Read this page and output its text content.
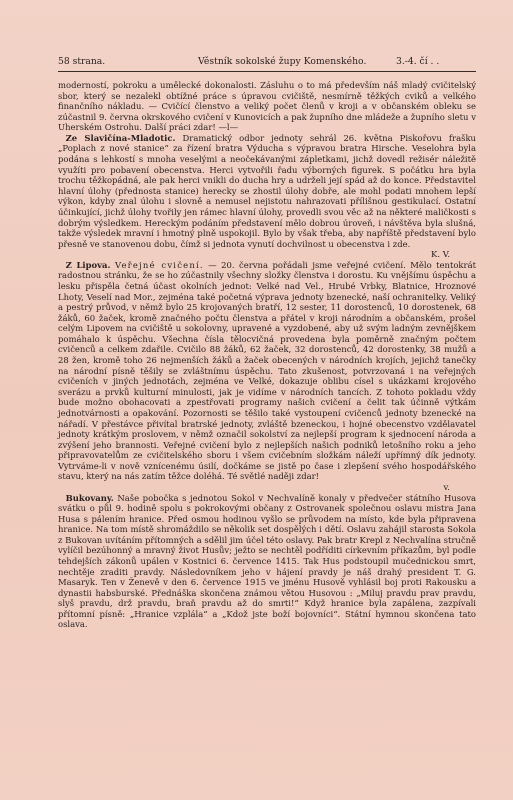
58 strana.	Věstník sokolské župy Komenského.	3.-4. čí . .

moderností, pokroku a umělecké dokonalosti. Zásluhu o to má především náš mladý cvičitelský sbor, který se nezalekl obtížné práce s úpravou cvičiště, nesmírně těžkých cviků a velkého finančního nákladu. — Cvičící členstvo a veliký počet členů v kroji a v občanském obleku se zúčastnil 9. června okrskového cvičení v Kunovicích a pak župního dne mládeže a župního sletu v Uherském Ostrohu. Další práci zdar! —l—

Ze Slavičína-Mladotic. Dramatický odbor jednoty sehrál 26. května Piskořovu frašku „Poplach z nové stanice“ za řízení bratra Výducha s výpravou bratra Hirsche. Veselohra byla podána s lehkostí s mnoha veselými a neočekávanými zápletkami, jichž dovedl režisér náležitě využíti pro pobavení obecenstva. Herci vytvořili řadu výborných figurek. S počátku hra byla trochu těžkopádná, ale pak herci vnikli do ducha hry a udrželi její spád až do konce. Představitel hlavní úlohy (přednosta stanice) herecky se zhostil úlohy dobře, ale mohl podati mnohem lepší výkon, kdyby znal úlohu i slovně a nemusel nejistotu nahrazovati přílišnou gestikulací. Ostatní účinkující, jichž úlohy tvořily jen rámec hlavní úlohy, provedli svou věc až na některé maličkosti s dobrým výsledkem. Hereckým podáním představení mělo dobrou úroveň, i návštěva byla slušná, takže výsledek mravní i hmotný plně uspokojil. Bylo by však třeba, aby napříště představení bylo přesně ve stanovenou dobu, čímž si jednota vynutí dochvilnost u obecenstva i zde.

K. V.

Z Lipova. Veřejné cvičení. — 20. června pořádali jsme veřejné cvičení. Mělo tentokrát radostnou stránku, že se ho zúčastnily všechny složky členstva i dorostu. Ku vnějšímu úspěchu a lesku přispěla četná účast okolních jednot: Velké nad Vel., Hrubé Vrbky, Blatnice, Hroznové Lhoty, Veselí nad Mor., zejména také početná výprava jednoty bzenecké, naší ochranitelky. Veliký a pestrý průvod, v němž bylo 25 krojovaných bratří, 12 sester, 11 dorostenců, 10 dorostenek, 68 žáků, 60 žaček, kromě značného počtu členstva a přátel v kroji národním a občanském, prošel celým Lipovem na cvičiště u sokolovny, upravené a vyzdobené, aby už svým ladným zevnějškem pomáhalo k úspěchu. Všechna čísla tělocvičná provedena byla poměrně značným počtem cvičenců a celkem zdařile. Cvičilo 88 žáků, 62 žaček, 32 dorostenců, 42 dorostenky, 38 mužů a 28 žen, kromě toho 26 nejmenších žáků a žaček obecených v národních krojích, jejichž tanečky na národní písně těšily se zvláštnímu úspěchu. Tato zkušenost, potvrzovaná i na veřejných cvičeních v jiných jednotách, zejména ve Velké, dokazuje oblibu císel s ukázkami krojového sverázu a prvků kulturní minulosti, jak je vidíme v národních tancích. Z tohoto pokladu vždy bude možno obohacovati a zpestřovati programy našich cvičení a čelit tak účinně výtkám jednotvárnosti a opakování. Pozornosti se těšilo také vystoupení cvičenců jednoty bzenecké na nářadí. V přestávce přivítal bratrské jednoty, zvláště bzeneckou, i hojné obecenstvo vzdělavatel jednoty krátkým proslovem, v němž označil sokolství za nejlepší program k sjednocení národa a zvýšení jeho brannosti. Veřejné cvičení bylo z nejlepších našich podniků letošního roku a jeho připravovatelům ze cvičitelského sboru i všem cvičebním složkám náleží upřímný dík jednoty. Vytrváme-li v nově vznícenému úsilí, dočkáme se jistě po čase i zlepšení svého hospodářského stavu, který na nás zatím těžce doléhá. Té světlé naději zdar!

v.

Bukovany. Naše pobočka s jednotou Sokol v Nechvalíně konaly v předvečer státního Husova svátku o půl 9. hodině spolu s pokrokovými občany z Ostrovanek společnou oslavu mistra Jana Husa s pálením hranice. Před osmou hodinou vyšlo se průvodem na místo, kde byla připravena hranice. Na tom místě shromáždilo se několik set dospělých i dětí. Oslavu zahájil starosta Sokola z Bukovan uvítáním přítomných a sdělil jim účel této oslavy. Pak bratr Krepl z Nechvalína stručně vylíčil bezúhonný a mravný život Husův; ježto se nechtěl podříditi církevním příkazům, byl podle tehdejších zákonů upálen v Kostnici 6. července 1415. Tak Hus podstoupil mučednickou smrt, nechtěje zraditi pravdy. Následovníkem jeho v hájení pravdy je náš drahý president T. G. Masaryk. Ten v Ženevě v den 6. července 1915 ve jménu Husově vyhlásil boj proti Rakousku a dynastii habsburské. Přednáška skončena známou větou Husovou : „Miluj pravdu prav pravdu, slyš pravdu, drž pravdu, braň pravdu až do smrti!“ Když hranice byla zapálena, zazpívali přítomní písně: „Hranice vzplála“ a „Kdož jste boží bojovníci“. Státní hymnou skončena tato oslava.
